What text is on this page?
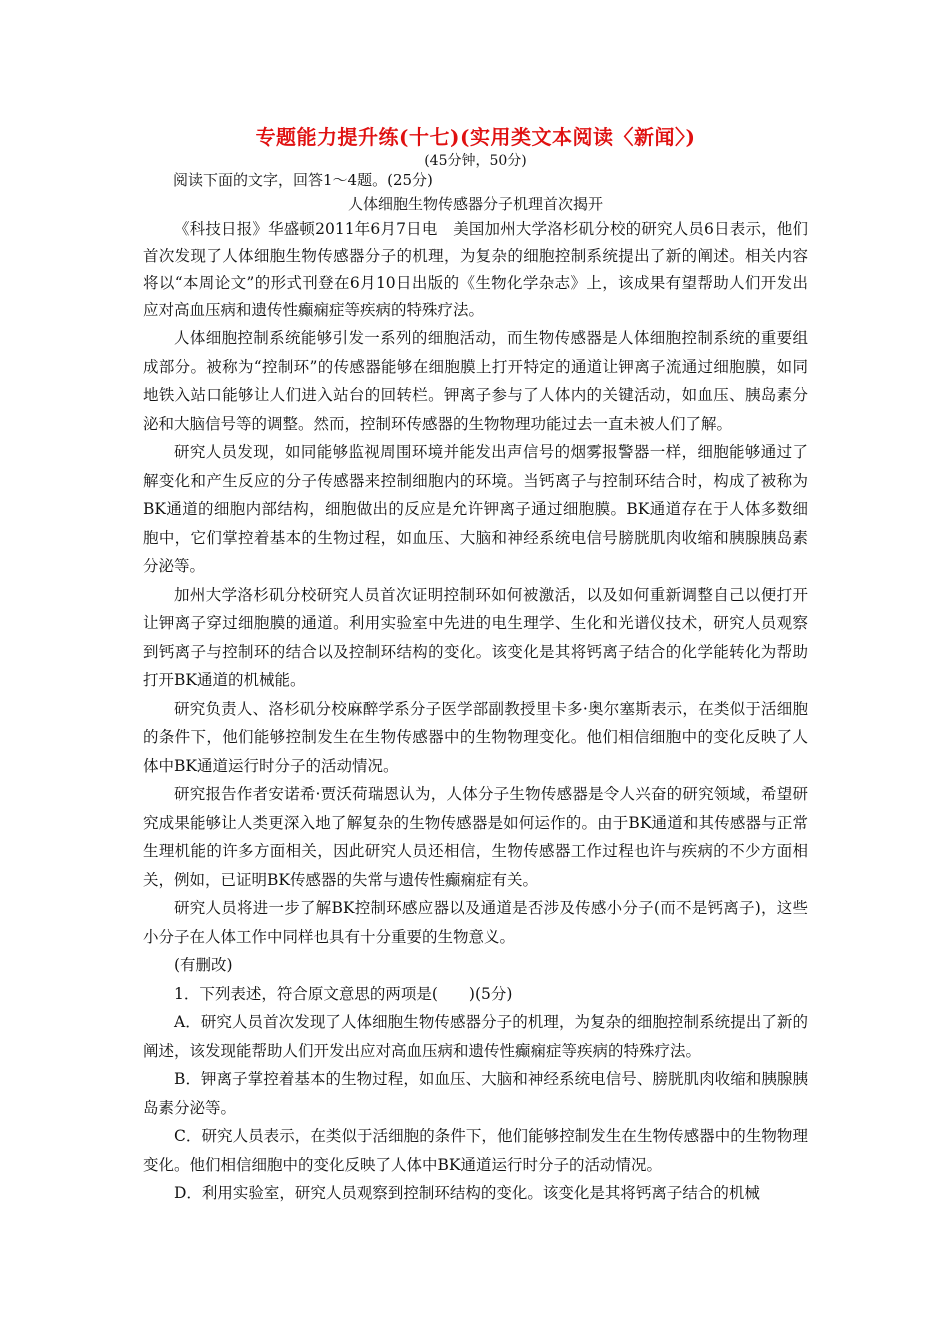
专题能力提升练(十七)(实用类文本阅读〈新闻〉)

(45分钟，50分)

阅读下面的文字，回答1～4题。(25分)

人体细胞生物传感器分子机理首次揭开

《科技日报》华盛顿2011年6月7日电　美国加州大学洛杉矶分校的研究人员6日表示，他们首次发现了人体细胞生物传感器分子的机理，为复杂的细胞控制系统提出了新的阐述。相关内容将以“本周论文”的形式刊登在6月10日出版的《生物化学杂志》上，该成果有望帮助人们开发出应对高血压病和遗传性癫痫症等疾病的特殊疗法。

人体细胞控制系统能够引发一系列的细胞活动，而生物传感器是人体细胞控制系统的重要组成部分。被称为“控制环”的传感器能够在细胞膜上打开特定的通道让钾离子流通过细胞膜，如同地铁入站口能够让人们进入站台的回转栏。钾离子参与了人体内的关键活动，如血压、胰岛素分泌和大脑信号等的调整。然而，控制环传感器的生物物理功能过去一直未被人们了解。

研究人员发现，如同能够监视周围环境并能发出声信号的烟雾报警器一样，细胞能够通过了解变化和产生反应的分子传感器来控制细胞内的环境。当钙离子与控制环结合时，构成了被称为BK通道的细胞内部结构，细胞做出的反应是允许钾离子通过细胞膜。BK通道存在于人体多数细胞中，它们掌控着基本的生物过程，如血压、大脑和神经系统电信号膀胱肌肉收缩和胰腺胰岛素分泌等。

加州大学洛杉矶分校研究人员首次证明控制环如何被激活，以及如何重新调整自己以便打开让钾离子穿过细胞膜的通道。利用实验室中先进的电生理学、生化和光谱仪技术，研究人员观察到钙离子与控制环的结合以及控制环结构的变化。该变化是其将钙离子结合的化学能转化为帮助打开BK通道的机械能。

研究负责人、洛杉矶分校麻醉学系分子医学部副教授里卡多·奥尔塞斯表示，在类似于活细胞的条件下，他们能够控制发生在生物传感器中的生物物理变化。他们相信细胞中的变化反映了人体中BK通道运行时分子的活动情况。

研究报告作者安诺希·贾沃荷瑞恩认为，人体分子生物传感器是令人兴奋的研究领域，希望研究成果能够让人类更深入地了解复杂的生物传感器是如何运作的。由于BK通道和其传感器与正常生理机能的许多方面相关，因此研究人员还相信，生物传感器工作过程也许与疾病的不少方面相关，例如，已证明BK传感器的失常与遗传性癫痫症有关。

研究人员将进一步了解BK控制环感应器以及通道是否涉及传感小分子(而不是钙离子)，这些小分子在人体工作中同样也具有十分重要的生物意义。

(有删改)

1．下列表述，符合原文意思的两项是(　　)(5分)

A．研究人员首次发现了人体细胞生物传感器分子的机理，为复杂的细胞控制系统提出了新的阐述，该发现能帮助人们开发出应对高血压病和遗传性癫痫症等疾病的特殊疗法。

B．钾离子掌控着基本的生物过程，如血压、大脑和神经系统电信号、膀胱肌肉收缩和胰腺胰岛素分泌等。

C．研究人员表示，在类似于活细胞的条件下，他们能够控制发生在生物传感器中的生物物理变化。他们相信细胞中的变化反映了人体中BK通道运行时分子的活动情况。

D．利用实验室，研究人员观察到控制环结构的变化。该变化是其将钙离子结合的机械
